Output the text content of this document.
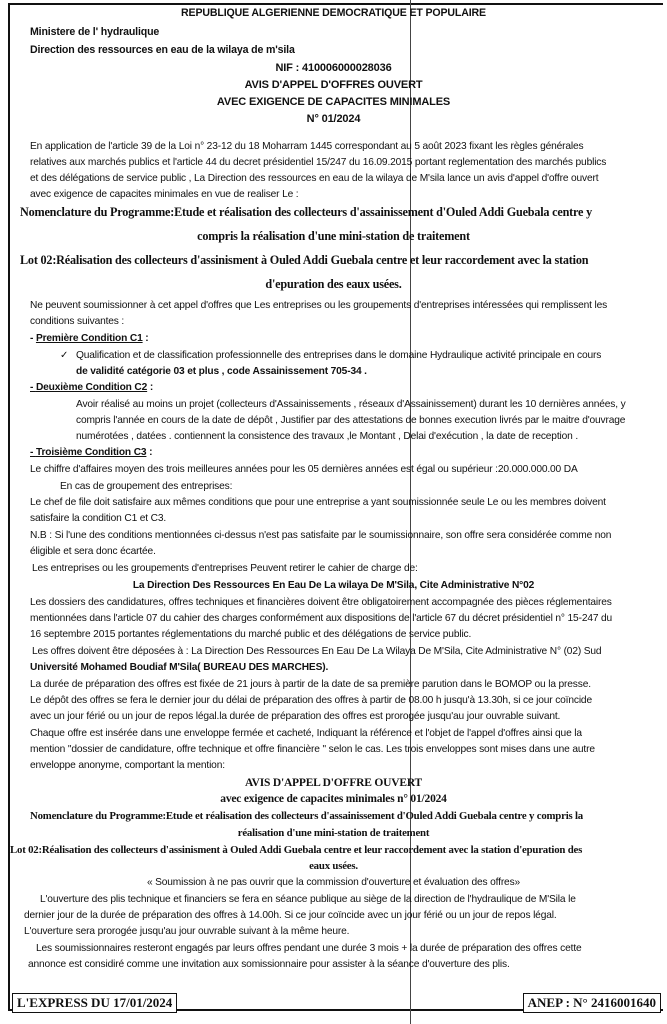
REPUBLIQUE ALGERIENNE DEMOCRATIQUE ET POPULAIRE
Ministere de l' hydraulique
Direction des ressources en eau de la wilaya de m'sila
NIF : 410006000028036
AVIS D'APPEL D'OFFRES OUVERT
AVEC EXIGENCE DE CAPACITES MINIMALES
N° 01/2024
En application de l'article 39 de la Loi n° 23-12 du 18 Moharram 1445 correspondant au 5 août 2023 fixant les règles générales
relatives aux marchés publics et l'article 44 du decret présidentiel 15/247 du 16.09.2015 portant reglementation des marchés publics
et des délégations de service public , La Direction des ressources en eau de la wilaya de M'sila lance un avis d'appel d'offre ouvert
avec exigence de capacites minimales en vue de realiser Le :
Nomenclature du Programme:Etude et réalisation des collecteurs d'assainissement d'Ouled Addi Guebala centre y
compris la réalisation d'une mini-station de traitement
Lot 02:Réalisation des collecteurs d'assinisment à Ouled Addi Guebala centre et leur raccordement avec la station
d'epuration des eaux usées.
Ne peuvent soumissionner à cet appel d'offres que Les entreprises ou les groupements d'entreprises intéressées qui remplissent les
conditions suivantes :
- Première Condition C1 :
✓ Qualification et de classification professionnelle des entreprises dans le domaine Hydraulique activité principale en cours
de validité catégorie 03 et plus , code Assainissement 705-34 .
- Deuxième Condition C2 :
Avoir réalisé au moins un projet (collecteurs d'Assainissements , réseaux d'Assainissement) durant les 10 dernières années, y
compris l'année en cours de la date de dépôt , Justifier par des attestations de bonnes execution livrés par le maitre d'ouvrage
numérotées , datées . contiennent la consistence des travaux ,le Montant , Delai d'exécution , la date de reception .
- Troisième Condition C3 :
Le chiffre d'affaires moyen des trois meilleures années pour les 05 dernières années est égal ou supérieur :20.000.000.00 DA
En cas de groupement des entreprises:
Le chef de file doit satisfaire aux mêmes conditions que pour une entreprise a yant soumissionnée seule Le ou les membres doivent
satisfaire la condition C1 et C3.
N.B : Si l'une des conditions mentionnées ci-dessus n'est pas satisfaite par le soumissionnaire, son offre sera considérée comme non
éligible et sera donc écartée.
Les entreprises ou les groupements d'entreprises Peuvent retirer le cahier de charge de:
La Direction Des Ressources En Eau De La wilaya De M'Sila, Cite Administrative N°02
Les dossiers des candidatures, offres techniques et financières doivent être obligatoirement accompagnée des pièces réglementaires
mentionnées dans l'article 07 du cahier des charges conformément aux dispositions de l'article 67 du décret présidentiel n° 15-247 du
16 septembre 2015 portantes réglementations du marché public et des délégations de service public.
Les offres doivent être déposées à : La Direction Des Ressources En Eau De La Wilaya De M'Sila, Cite Administrative N° (02) Sud
Université Mohamed Boudiaf M'Sila( BUREAU DES MARCHES).
La durée de préparation des offres est fixée de 21 jours à partir de la date de sa première parution dans le BOMOP ou la presse.
Le dépôt des offres se fera le dernier jour du délai de préparation des offres à partir de 08.00 h jusqu'à 13.30h, si ce jour coïncide
avec un jour férié ou un jour de repos légal.la durée de préparation des offres est prorogée jusqu'au jour ouvrable suivant.
Chaque offre est insérée dans une enveloppe fermée et cacheté, Indiquant la référence et l'objet de l'appel d'offres ainsi que la
mention "dossier de candidature, offre technique et offre financière " selon le cas. Les trois enveloppes sont mises dans une autre
enveloppe anonyme, comportant la mention:
AVIS D'APPEL D'OFFRE OUVERT
avec exigence de capacites minimales n° 01/2024
Nomenclature du Programme:Etude et réalisation des collecteurs d'assainissement d'Ouled Addi Guebala centre y compris la
réalisation d'une mini-station de traitement
Lot 02:Réalisation des collecteurs d'assinisment à Ouled Addi Guebala centre et leur raccordement avec la station d'epuration des
eaux usées.
« Soumission à ne pas ouvrir que la commission d'ouverture et évaluation des offres»
L'ouverture des plis technique et financiers se fera en séance publique au siège de la direction de l'hydraulique de M'Sila le
dernier jour de la durée de préparation des offres à 14.00h. Si ce jour coïncide avec un jour férié ou un jour de repos légal.
L'ouverture sera prorogée jusqu'au jour ouvrable suivant à la même heure.
Les soumissionnaires resteront engagés par leurs offres pendant une durée 3 mois + la durée de préparation des offres cette
annonce est considiré comme une invitation aux somissionnaire pour assister à la séance d'ouverture des plis.
L'EXPRESS DU 17/01/2024	ANEP : N° 2416001640
